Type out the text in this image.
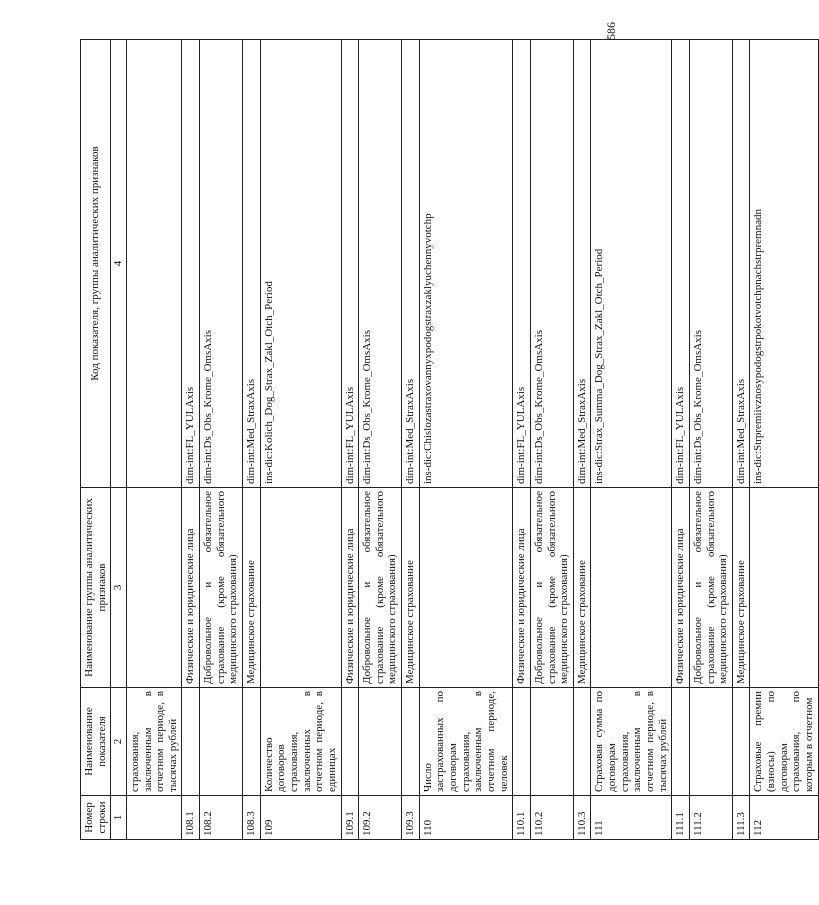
Номер строки	Наименование показателя	Наименование группы аналитических признаков	Код показателя, группы аналитических признаков
1	2	3	4
	страхования, заключенным в отчетном периоде, в тысячах рублей		
108.1		Физические и юридические лица	dim-int:FL_YULAxis
108.2		Добровольное и обязательное страхование (кроме обязательного медицинского страхования)	dim-int:Ds_Obs_Krome_OmsAxis
108.3		Медицинское страхование	dim-int:Med_StraxAxis
109	Количество договоров страхования, заключенных в отчетном периоде, в единицах		ins-dic:Kolich_Dog_Strax_Zakl_Otch_Period
109.1		Физические и юридические лица	dim-int:FL_YULAxis
109.2		Добровольное и обязательное страхование (кроме обязательного медицинского страхования)	dim-int:Ds_Obs_Krome_OmsAxis
109.3		Медицинское страхование	dim-int:Med_StraxAxis
110	Число застрахованных по договорам страхования, заключенным в отчетном периоде, человек		ins-dic:Chislozastraxovannyxpodogstraxzaklyuchennyvotchp
110.1		Физические и юридические лица	dim-int:FL_YULAxis
110.2		Добровольное и обязательное страхование (кроме обязательного медицинского страхования)	dim-int:Ds_Obs_Krome_OmsAxis
110.3		Медицинское страхование	dim-int:Med_StraxAxis
111	Страховая сумма по договорам страхования, заключенным в отчетном периоде, в тысячах рублей		ins-dic:Strax_Summa_Dog_Strax_Zakl_Otch_Period
111.1		Физические и юридические лица	dim-int:FL_YULAxis
111.2		Добровольное и обязательное страхование (кроме обязательного медицинского страхования)	dim-int:Ds_Obs_Krome_OmsAxis
111.3		Медицинское страхование	dim-int:Med_StraxAxis
112	Страховые премии (взносы) по договорам страхования, по которым в отчетном		ins-dic:Strpremiivznosypodogstrpokotvotchpnachstrpremnadn
586
